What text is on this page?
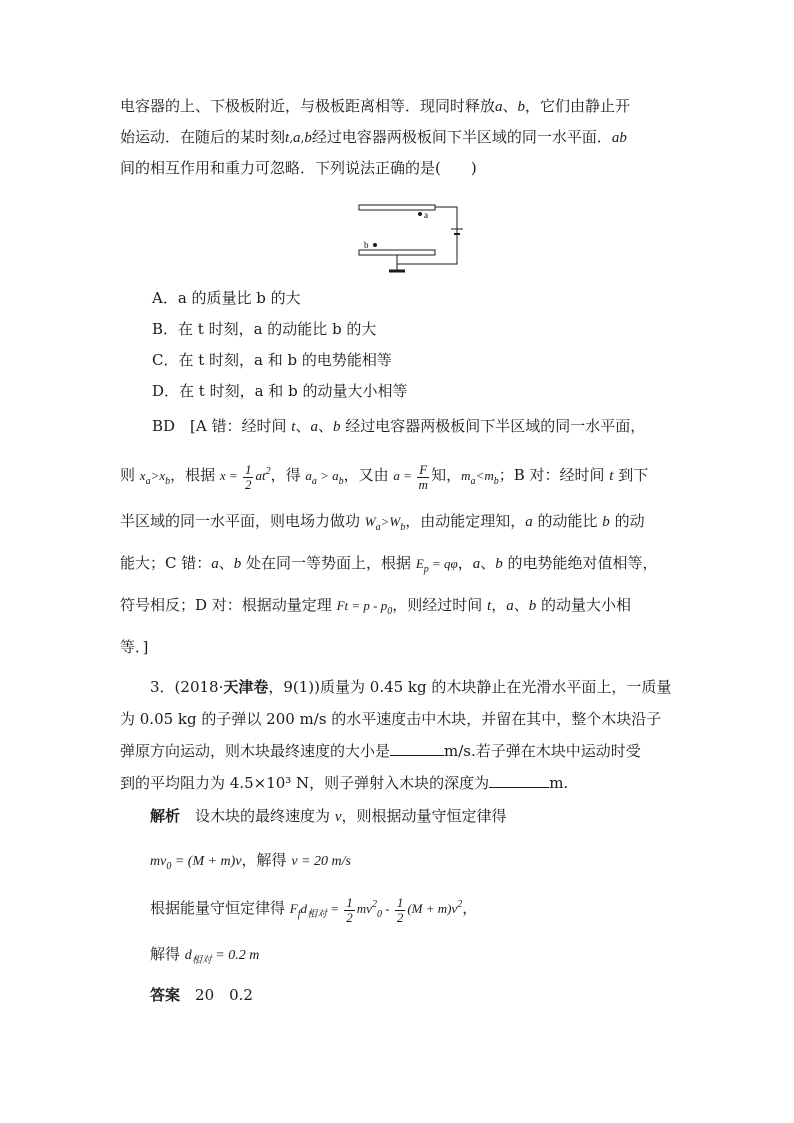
电容器的上、下极板附近，与极板距离相等．现同时释放a、b，它们由静止开
始运动．在随后的某时刻t,a,b经过电容器两极板间下半区域的同一水平面．ab
间的相互作用和重力可忽略．下列说法正确的是(　　)
a
b
A．a 的质量比 b 的大
B．在 t 时刻，a 的动能比 b 的大
C．在 t 时刻，a 和 b 的电势能相等
D．在 t 时刻，a 和 b 的动量大小相等
BD　[A 错：经时间 t、a、b 经过电容器两极板间下半区域的同一水平面，
则 $x_a>x_b$，根据 $x = \frac{1}{2} at^2$，得 $a_a > a_b$，又由 $a = \frac{F}{m}$ 知，$m_a<m_b$；B 对：经时间 t 到下
半区域的同一水平面，则电场力做功 $W_a>W_b$，由动能定理知，a 的动能比 b 的动
能大；C 错：a、b 处在同一等势面上，根据 $E_p = q\varphi$，a、b 的电势能绝对值相等，
符号相反；D 对：根据动量定理 $Ft = p - p_0$，则经过时间 t，a、b 的动量大小相
等．]
3．(2018·天津卷，9(1))质量为 0.45 kg 的木块静止在光滑水平面上，一质量
为 0.05 kg 的子弹以 200 m/s 的水平速度击中木块，并留在其中，整个木块沿子
弹原方向运动，则木块最终速度的大小是	m/s.若子弹在木块中运动时受
到的平均阻力为 4.5×10³ N，则子弹射入木块的深度为	m.
解析　 设木块的最终速度为 v，则根据动量守恒定律得
$mv_0 = (M + m)v$，解得 v = 20 m/s
根据能量守恒定律得 $F_fd_{相对} = \frac{1}{2} mv^2_0 - \frac{1}{2} (M + m)v^2$，
解得 $d_{相对} = 0.2$ m
答案　 20　0.2
